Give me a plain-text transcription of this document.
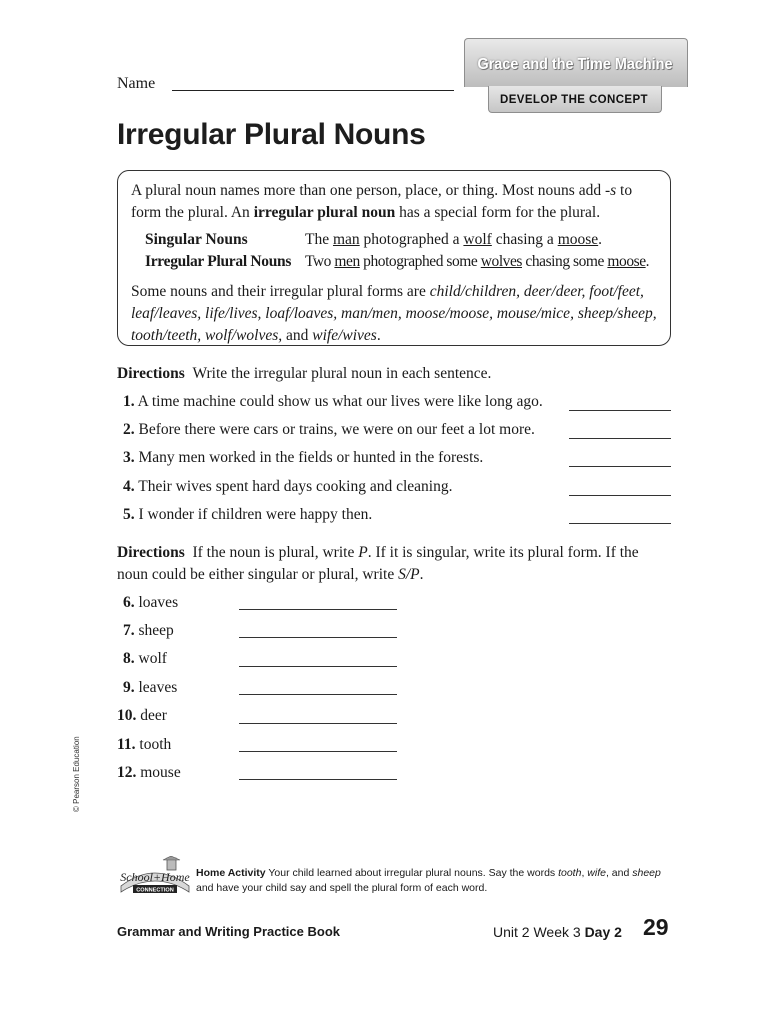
Grace and the Time Machine
DEVELOP THE CONCEPT
Name
Irregular Plural Nouns
A plural noun names more than one person, place, or thing. Most nouns add -s to form the plural. An irregular plural noun has a special form for the plural.
Singular Nouns	The man photographed a wolf chasing a moose.
Irregular Plural Nouns Two men photographed some wolves chasing some moose.
Some nouns and their irregular plural forms are child/children, deer/deer, foot/feet, leaf/leaves, life/lives, loaf/loaves, man/men, moose/moose, mouse/mice, sheep/sheep, tooth/teeth, wolf/wolves, and wife/wives.
Directions Write the irregular plural noun in each sentence.
1. A time machine could show us what our lives were like long ago.
2. Before there were cars or trains, we were on our feet a lot more.
3. Many men worked in the fields or hunted in the forests.
4. Their wives spent hard days cooking and cleaning.
5. I wonder if children were happy then.
Directions If the noun is plural, write P. If it is singular, write its plural form. If the noun could be either singular or plural, write S/P.
6. loaves
7. sheep
8. wolf
9. leaves
10. deer
11. tooth
12. mouse
© Pearson Education
School+Home
CONNECTION
Home Activity Your child learned about irregular plural nouns. Say the words tooth, wife, and sheep and have your child say and spell the plural form of each word.
Grammar and Writing Practice Book	Unit 2 Week 3 Day 2 29
